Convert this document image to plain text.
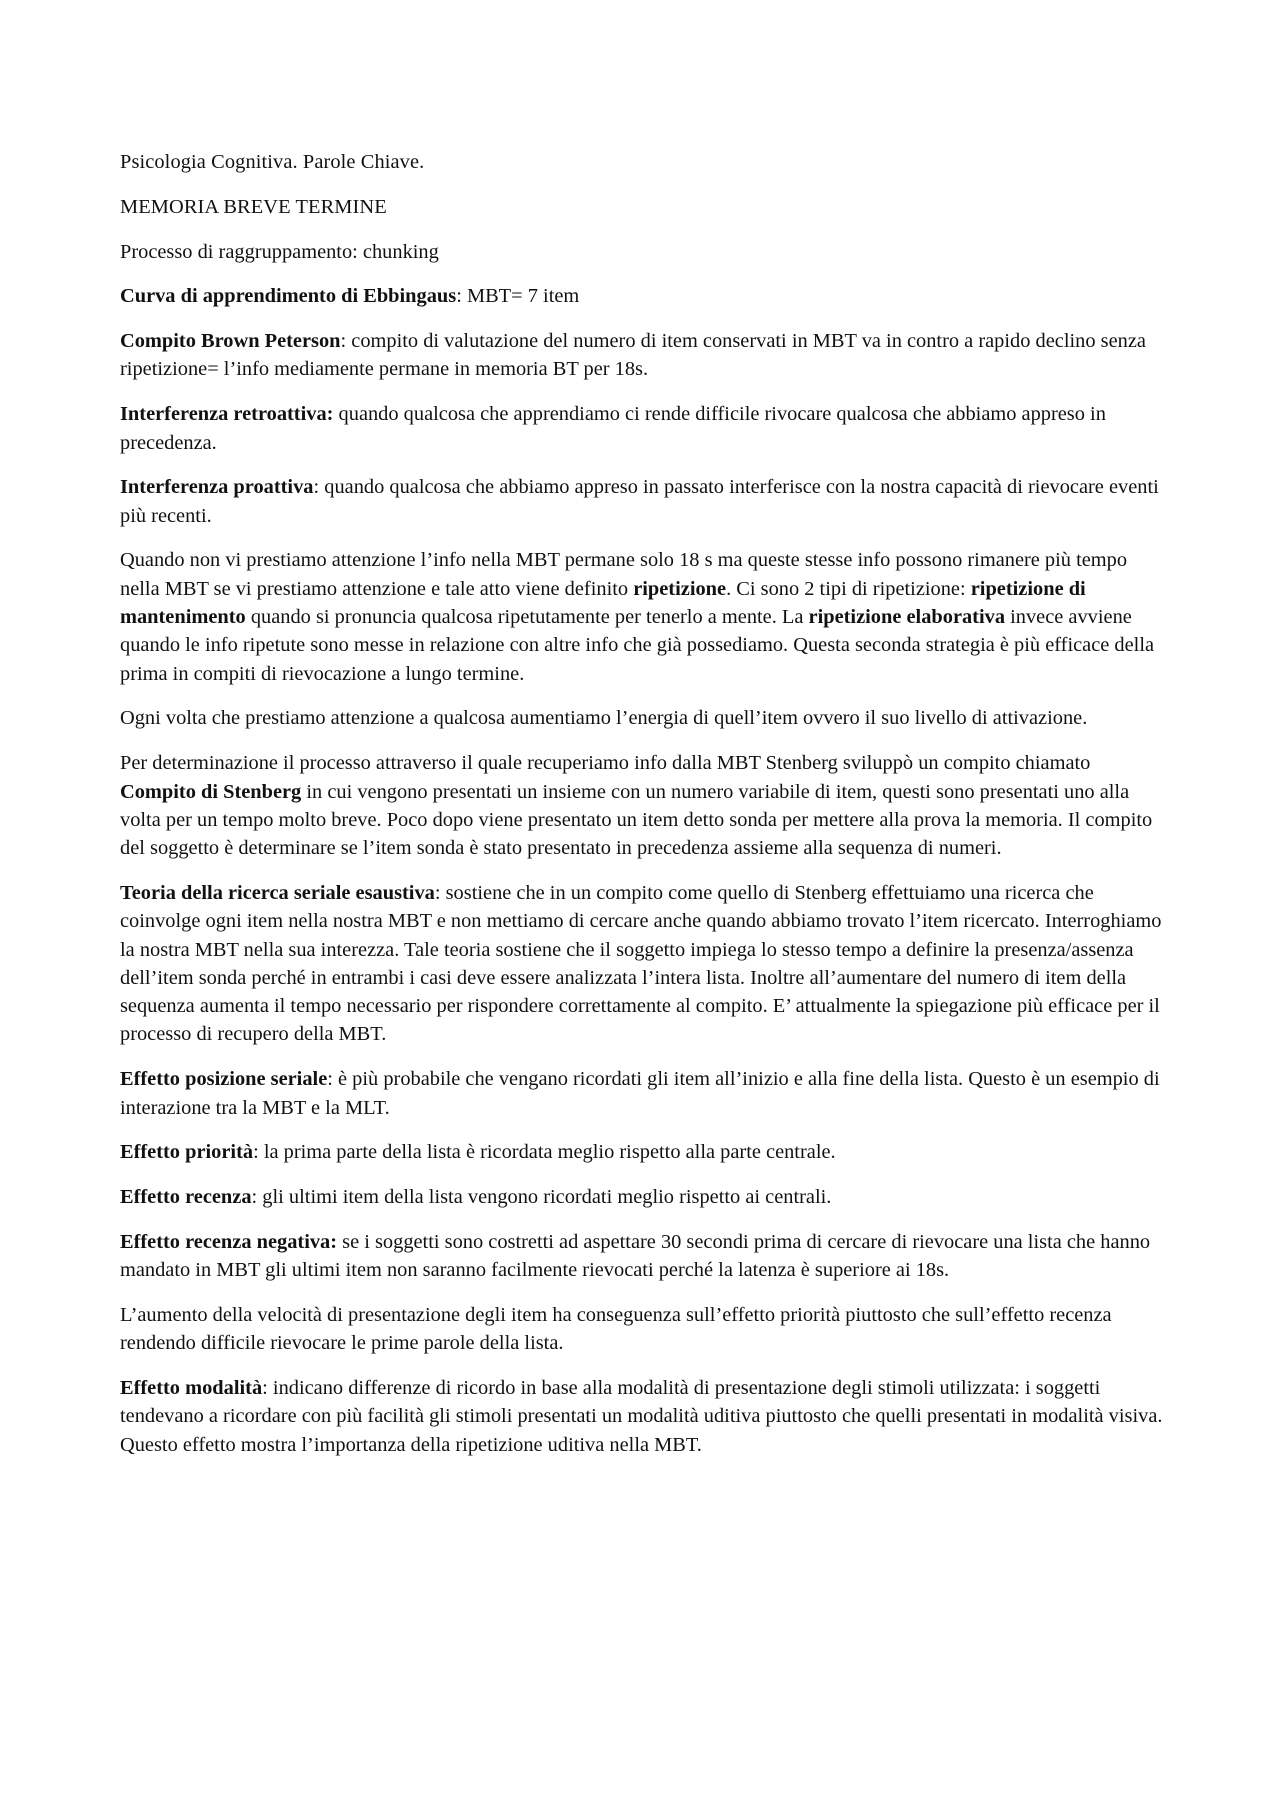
Psicologia Cognitiva. Parole Chiave.

MEMORIA BREVE TERMINE

Processo di raggruppamento: chunking

Curva di apprendimento di Ebbingaus: MBT= 7 item

Compito Brown Peterson: compito di valutazione del numero di item conservati in MBT va in contro a rapido declino senza ripetizione= l’info mediamente permane in memoria BT per 18s.

Interferenza retroattiva: quando qualcosa che apprendiamo ci rende difficile rivocare qualcosa che abbiamo appreso in precedenza.

Interferenza proattiva: quando qualcosa che abbiamo appreso in passato interferisce con la nostra capacità di rievocare eventi più recenti.

Quando non vi prestiamo attenzione l’info nella MBT permane solo 18 s ma queste stesse info possono rimanere più tempo nella MBT se vi prestiamo attenzione e tale atto viene definito ripetizione. Ci sono 2 tipi di ripetizione: ripetizione di mantenimento quando si pronuncia qualcosa ripetutamente per tenerlo a mente. La ripetizione elaborativa invece avviene quando le info ripetute sono messe in relazione con altre info che già possediamo. Questa seconda strategia è più efficace della prima in compiti di rievocazione a lungo termine.

Ogni volta che prestiamo attenzione a qualcosa aumentiamo l’energia di quell’item ovvero il suo livello di attivazione.

Per determinazione il processo attraverso il quale recuperiamo info dalla MBT Stenberg sviluppò un compito chiamato Compito di Stenberg in cui vengono presentati un insieme con un numero variabile di item, questi sono presentati uno alla volta per un tempo molto breve. Poco dopo viene presentato un item detto sonda per mettere alla prova la memoria. Il compito del soggetto è determinare se l’item sonda è stato presentato in precedenza assieme alla sequenza di numeri.

Teoria della ricerca seriale esaustiva: sostiene che in un compito come quello di Stenberg effettuiamo una ricerca che coinvolge ogni item nella nostra MBT e non mettiamo di cercare anche quando abbiamo trovato l’item ricercato. Interroghiamo la nostra MBT nella sua interezza. Tale teoria sostiene che il soggetto impiega lo stesso tempo a definire la presenza/assenza dell’item sonda perché in entrambi i casi deve essere analizzata l’intera lista. Inoltre all’aumentare del numero di item della sequenza aumenta il tempo necessario per rispondere correttamente al compito. E’ attualmente la spiegazione più efficace per il processo di recupero della MBT.

Effetto posizione seriale: è più probabile che vengano ricordati gli item all’inizio e alla fine della lista. Questo è un esempio di interazione tra la MBT e la MLT.

Effetto priorità: la prima parte della lista è ricordata meglio rispetto alla parte centrale.

Effetto recenza: gli ultimi item della lista vengono ricordati meglio rispetto ai centrali.

Effetto recenza negativa: se i soggetti sono costretti ad aspettare 30 secondi prima di cercare di rievocare una lista che hanno mandato in MBT gli ultimi item non saranno facilmente rievocati perché la latenza è superiore ai 18s.

L’aumento della velocità di presentazione degli item ha conseguenza sull’effetto priorità piuttosto che sull’effetto recenza rendendo difficile rievocare le prime parole della lista.

Effetto modalità: indicano differenze di ricordo in base alla modalità di presentazione degli stimoli utilizzata: i soggetti tendevano a ricordare con più facilità gli stimoli presentati un modalità uditiva piuttosto che quelli presentati in modalità visiva. Questo effetto mostra l’importanza della ripetizione uditiva nella MBT.
